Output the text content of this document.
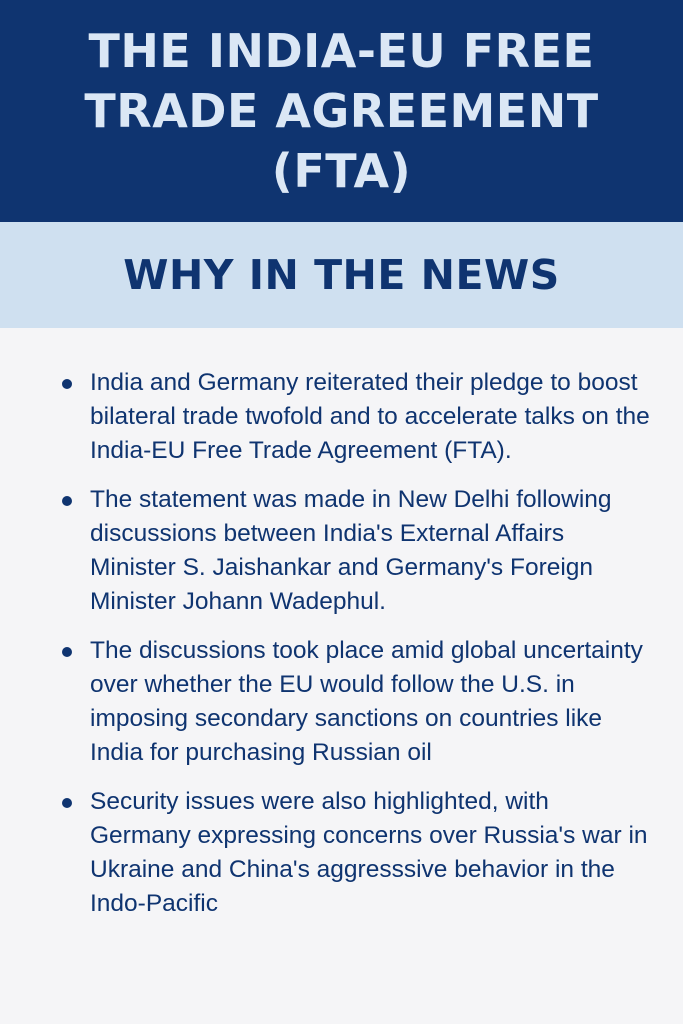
THE INDIA-EU FREE
TRADE AGREEMENT (FTA)
WHY IN THE NEWS
India and Germany reiterated their pledge to boost bilateral trade twofold and to accelerate talks on the India-EU Free Trade Agreement (FTA).
The statement was made in New Delhi following discussions between India's External Affairs Minister S. Jaishankar and Germany's Foreign Minister Johann Wadephul.
The discussions took place amid global uncertainty over whether the EU would follow the U.S. in imposing secondary sanctions on countries like India for purchasing Russian oil
Security issues were also highlighted, with Germany expressing concerns over Russia's war in Ukraine and China's aggresssive behavior in the Indo-Pacific
